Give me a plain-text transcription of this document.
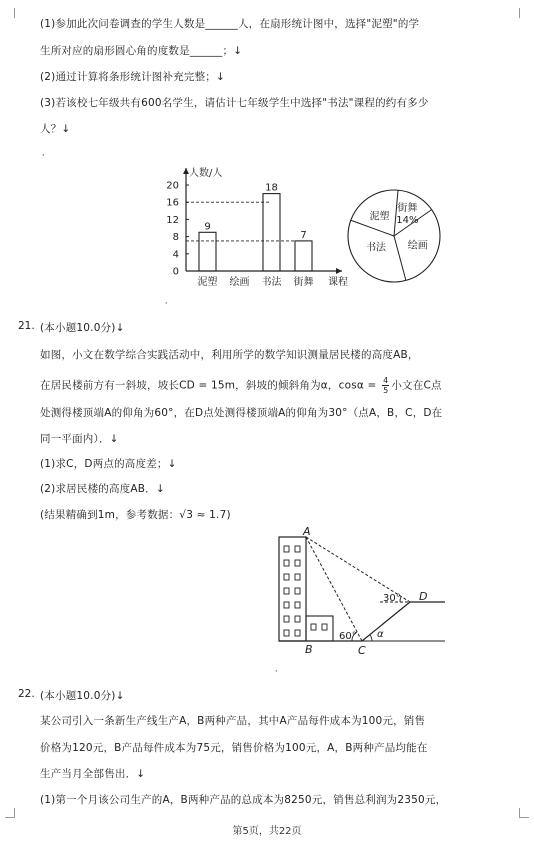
(1)参加此次问卷调查的学生人数是______人，在扇形统计图中，选择"泥塑"的学
生所对应的扇形圆心角的度数是______；↓
(2)通过计算将条形统计图补充完整；↓
(3)若该校七年级共有600名学生，请估计七年级学生中选择"书法"课程的约有多少
人？↓
,
人数/人
课程
0
4
8
12
16
20
9
泥塑 绘画
18
书法
7
街舞
泥塑
街舞
绘画
书法
14%
,
21. (本小题10.0分)↓
如图，小文在数学综合实践活动中，利用所学的数学知识测量居民楼的高度AB，
在居民楼前方有一斜坡，坡长CD = 15m，斜坡的倾斜角为α，$\cos\alpha = \frac{4}{5}$ 小文在C点
处测得楼顶端A的仰角为60°，在D点处测得楼顶端A的仰角为30°（点A，B，C，D在
同一平面内）．↓
(1)求C，D两点的高度差；↓
(2)求居民楼的高度AB．↓
(结果精确到1m，参考数据：√3 ≈ 1.7)
A
B	C
D
60°
30°
α
,
22. (本小题10.0分)↓
某公司引入一条新生产线生产A，B两种产品，其中A产品每件成本为100元，销售
价格为120元，B产品每件成本为75元，销售价格为100元，A，B两种产品均能在
生产当月全部售出．↓
(1)第一个月该公司生产的A，B两种产品的总成本为8250元，销售总利润为2350元，
第5页，共22页
